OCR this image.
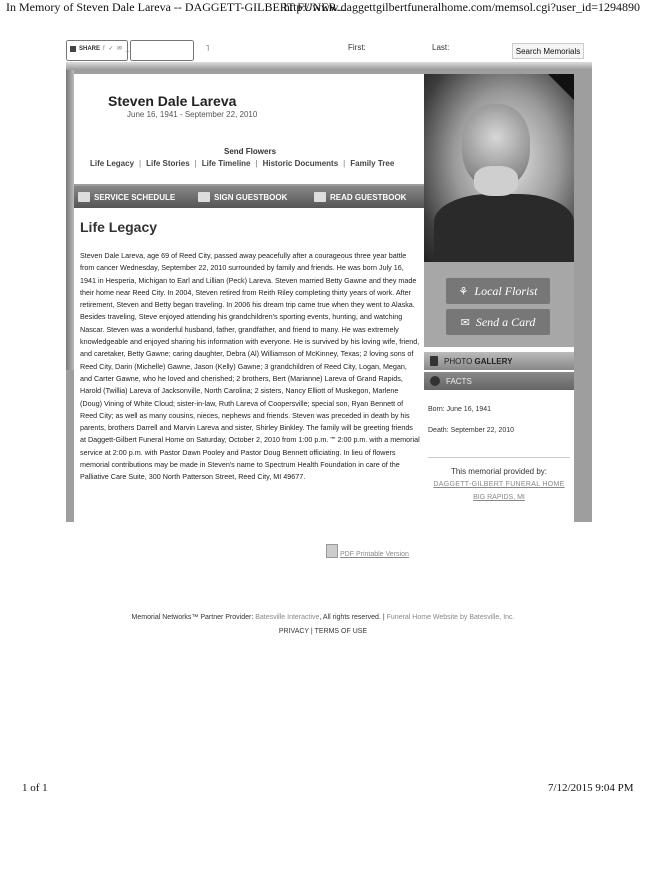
In Memory of Steven Dale Lareva -- DAGGETT-GILBERT FUNER...
http://www.daggettgilbertfuneralhome.com/memsol.cgi?user_id=1294890
SHARE f ✓ ✉ _	˥	First:
	Last:	Search Memorials
Steven Dale Lareva
June 16, 1941 - September 22, 2010
Send Flowers
Life Legacy | Life Stories | Life Timeline | Historic Documents | Family Tree
SERVICE SCHEDULE	SIGN GUESTBOOK	READ GUESTBOOK
⚘ Local Florist
✉ Send a Card
PHOTO GALLERY
FACTS
Born: June 16, 1941
Death: September 22, 2010
This memorial provided by:
DAGGETT-GILBERT FUNERAL HOME
BIG RAPIDS, MI
Life Legacy
Steven Dale Lareva, age 69 of Reed City, passed away peacefully after a courageous three year battle from cancer Wednesday, September 22, 2010 surrounded by family and friends. He was born July 16, 1941 in Hesperia, Michigan to Earl and Lillian (Peck) Lareva. Steven married Betty Gawne and they made their home near Reed City. In 2004, Steven retired from Reith Riley completing thirty years of work. After retirement, Steven and Betty began traveling. In 2006 his dream trip came true when they went to Alaska. Besides traveling, Steve enjoyed attending his grandchildren's sporting events, hunting, and watching Nascar. Steven was a wonderful husband, father, grandfather, and friend to many. He was extremely knowledgeable and enjoyed sharing his information with everyone. He is survived by his loving wife, friend, and caretaker, Betty Gawne; caring daughter, Debra (Al) Williamson of McKinney, Texas; 2 loving sons of Reed City, Darin (Michelle) Gawne, Jason (Kelly) Gawne; 3 grandchildren of Reed City, Logan, Megan, and Carter Gawne, who he loved and cherished; 2 brothers, Bert (Marianne) Lareva of Grand Rapids, Harold (Twillia) Lareva of Jacksonville, North Carolina; 2 sisters, Nancy Elliott of Muskegon, Marlene (Doug) Vining of White Cloud; sister-in-law, Ruth Lareva of Coopersville; special son, Ryan Bennett of Reed City; as well as many cousins, nieces, nephews and friends. Steven was preceded in death by his parents, brothers Darrell and Marvin Lareva and sister, Shirley Binkley. The family will be greeting friends at Daggett-Gilbert Funeral Home on Saturday, October 2, 2010 from 1:00 p.m. "" 2:00 p.m. with a memorial service at 2:00 p.m. with Pastor Dawn Pooley and Pastor Doug Bennett officiating. In lieu of flowers memorial contributions may be made in Steven's name to Spectrum Health Foundation in care of the Palliative Care Suite, 300 North Patterson Street, Reed City, MI 49677.
PDF Printable Version
Memorial Networks™ Partner Provider: Batesville Interactive, All rights reserved. | Funeral Home Website by Batesville, Inc.
PRIVACY | TERMS OF USE
1 of 1	7/12/2015 9:04 PM
